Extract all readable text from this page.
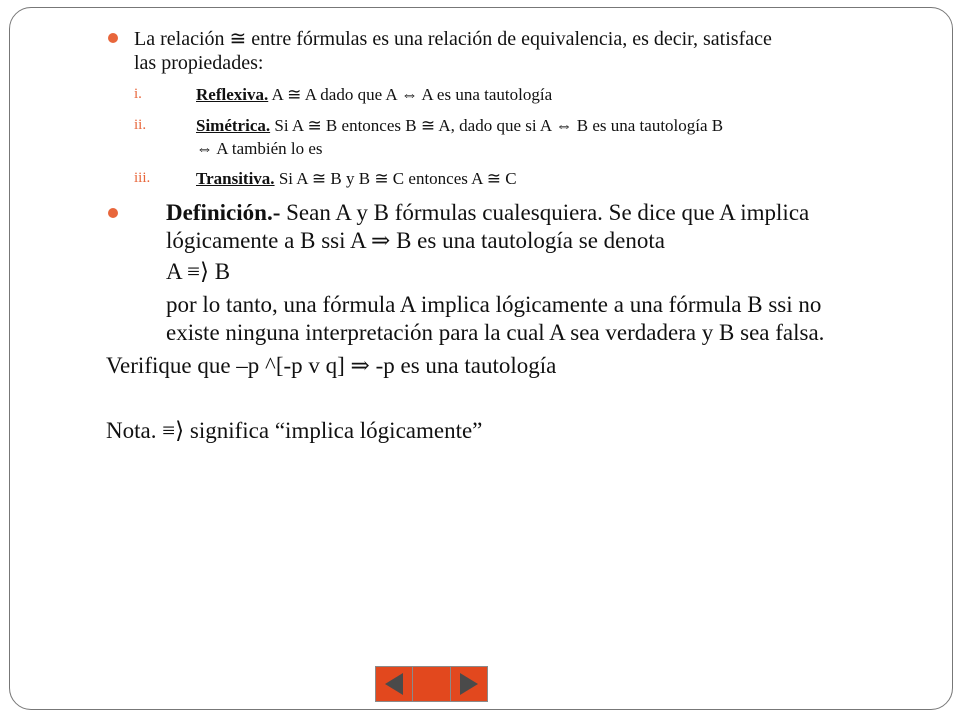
La relación ≅ entre fórmulas es una relación de equivalencia, es decir, satisface
las propiedades:
i.	Reflexiva. A ≅ A dado que A ⇔ A es una tautología
ii.	Simétrica. Si A ≅ B entonces B ≅ A, dado que si A ⇔ B es una tautología B
⇔ A también lo es
iii.	Transitiva. Si A ≅ B y B ≅ C entonces A ≅ C
Definición.- Sean A y B fórmulas cualesquiera. Se dice que A implica
lógicamente a B ssi A ⇒ B es una tautología se denota
A ≡⟩ B
por lo tanto, una fórmula A implica lógicamente a una fórmula B ssi no
existe ninguna interpretación para la cual A sea verdadera y B sea falsa.
Verifique que –p ^[-p v q] ⇒ -p es una tautología
Nota. ≡⟩ significa “implica lógicamente”
